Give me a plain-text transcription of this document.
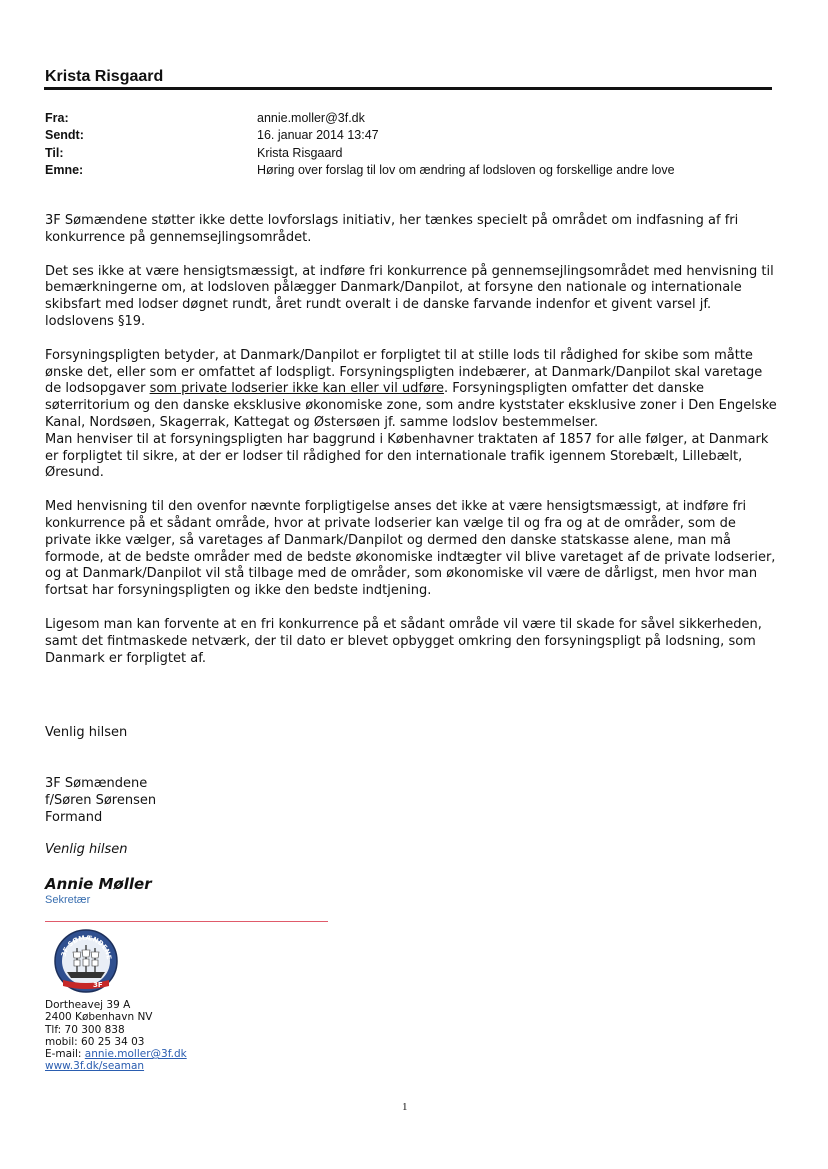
Krista Risgaard
Fra:	annie.moller@3f.dk
Sendt:	16. januar 2014 13:47
Til:	Krista Risgaard
Emne:	Høring over forslag til lov om ændring af lodsloven og forskellige andre love

3F Sømændene støtter ikke dette lovforslags initiativ, her tænkes specielt på området om indfasning af fri konkurrence på gennemsejlingsområdet.

Det ses ikke at være hensigtsmæssigt, at indføre fri konkurrence på gennemsejlingsområdet med henvisning til bemærkningerne om, at lodsloven pålægger Danmark/Danpilot, at forsyne den nationale og internationale skibsfart med lodser døgnet rundt, året rundt overalt i de danske farvande indenfor et givent varsel jf. lodslovens §19.

Forsyningspligten betyder, at Danmark/Danpilot er forpligtet til at stille lods til rådighed for skibe som måtte ønske det, eller som er omfattet af lodspligt. Forsyningspligten indebærer, at Danmark/Danpilot skal varetage de lodsopgaver som private lodserier ikke kan eller vil udføre. Forsyningspligten omfatter det danske søterritorium og den danske eksklusive økonomiske zone, som andre kyststater eksklusive zoner i Den Engelske Kanal, Nordsøen, Skagerrak, Kattegat og Østersøen jf. samme lodslov bestemmelser.

Man henviser til at forsyningspligten har baggrund i Københavner traktaten af 1857 for alle følger, at Danmark er forpligtet til sikre, at der er lodser til rådighed for den internationale trafik igennem Storebælt, Lillebælt, Øresund.

Med henvisning til den ovenfor nævnte forpligtigelse anses det ikke at være hensigtsmæssigt, at indføre fri konkurrence på et sådant område, hvor at private lodserier kan vælge til og fra og at de områder, som de private ikke vælger, så varetages af Danmark/Danpilot og dermed den danske statskasse alene, man må formode, at de bedste områder med de bedste økonomiske indtægter vil blive varetaget af de private lodserier, og at Danmark/Danpilot vil stå tilbage med de områder, som økonomiske vil være de dårligst, men hvor man fortsat har forsyningspligten og ikke den bedste indtjening.

Ligesom man kan forvente at en fri konkurrence på et sådant område vil være til skade for såvel sikkerheden, samt det fintmaskede netværk, der til dato er blevet opbygget omkring den forsyningspligt på lodsning, som Danmark er forpligtet af.

Venlig hilsen
3F Sømændene
f/Søren Sørensen
Formand
Venlig hilsen
Annie Møller
Sekretær
3F SØMÆNDENE
3F
Dortheavej 39 A
2400 København NV
Tlf: 70 300 838
mobil: 60 25 34 03
E-mail: annie.moller@3f.dk
www.3f.dk/seaman
1
